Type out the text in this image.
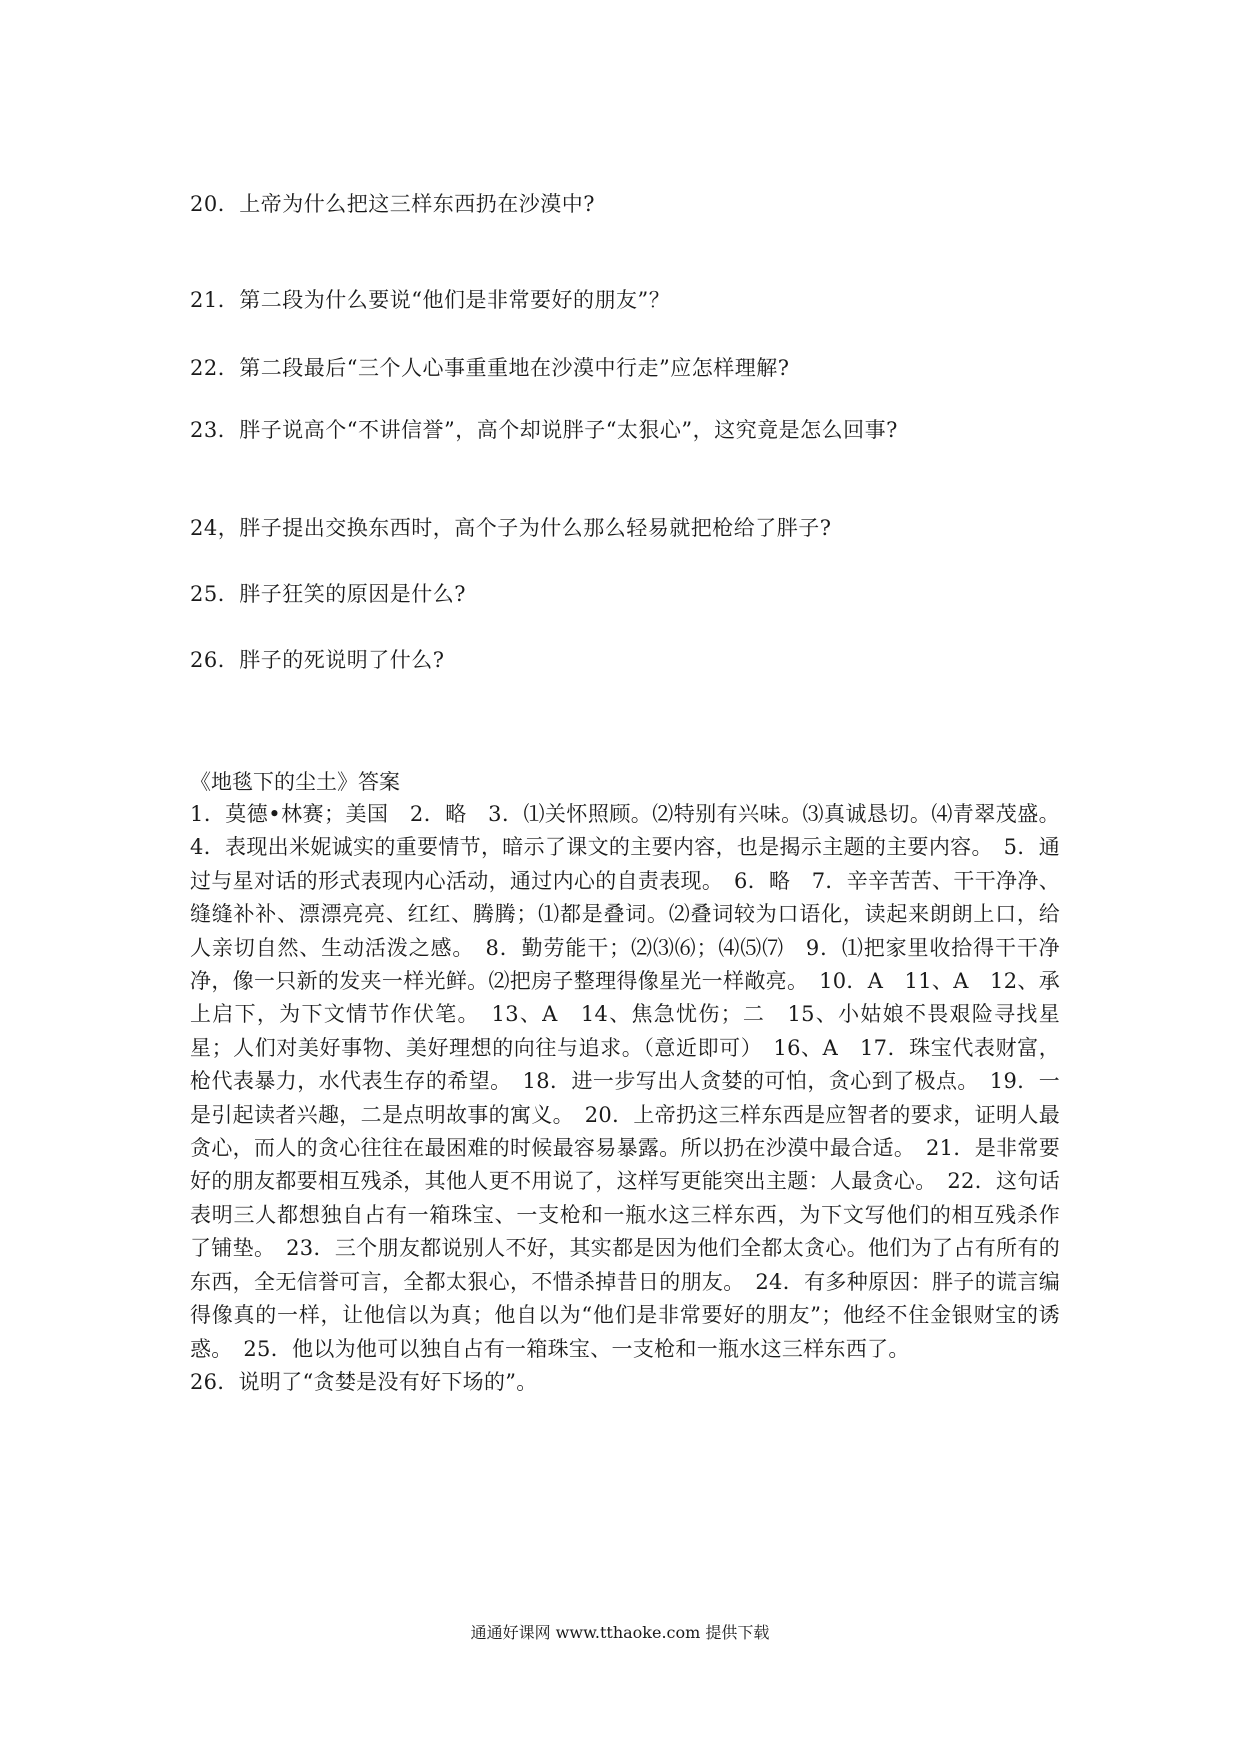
20．上帝为什么把这三样东西扔在沙漠中?
21．第二段为什么要说“他们是非常要好的朋友”？
22．第二段最后“三个人心事重重地在沙漠中行走”应怎样理解?
23．胖子说高个“不讲信誉”，高个却说胖子“太狠心”，这究竟是怎么回事?
24，胖子提出交换东西时，高个子为什么那么轻易就把枪给了胖子?
25．胖子狂笑的原因是什么?
26．胖子的死说明了什么?
《地毯下的尘土》答案
1．莫德•林赛；美国　2．略　3．⑴关怀照顾。⑵特别有兴味。⑶真诚恳切。⑷青翠茂盛。4．表现出米妮诚实的重要情节，暗示了课文的主要内容，也是揭示主题的主要内容。　5．通过与星对话的形式表现内心活动，通过内心的自责表现。　6．略　7．辛辛苦苦、干干净净、缝缝补补、漂漂亮亮、红红、腾腾；⑴都是叠词。⑵叠词较为口语化，读起来朗朗上口，给人亲切自然、生动活泼之感。　8．勤劳能干；⑵⑶⑹；⑷⑸⑺　9．⑴把家里收拾得干干净净，像一只新的发夹一样光鲜。⑵把房子整理得像星光一样敞亮。　10．A　11、A　12、承上启下，为下文情节作伏笔。　13、A　14、焦急忧伤；二　15、小姑娘不畏艰险寻找星星；人们对美好事物、美好理想的向往与追求。（意近即可）　16、A　17．珠宝代表财富，枪代表暴力，水代表生存的希望。　18．进一步写出人贪婪的可怕，贪心到了极点。　19．一是引起读者兴趣，二是点明故事的寓义。　20．上帝扔这三样东西是应智者的要求，证明人最贪心，而人的贪心往往在最困难的时候最容易暴露。所以扔在沙漠中最合适。　21．是非常要好的朋友都要相互残杀，其他人更不用说了，这样写更能突出主题：人最贪心。　22．这句话表明三人都想独自占有一箱珠宝、一支枪和一瓶水这三样东西，为下文写他们的相互残杀作了铺垫。　23．三个朋友都说别人不好，其实都是因为他们全都太贪心。他们为了占有所有的东西，全无信誉可言，全都太狠心，不惜杀掉昔日的朋友。　24．有多种原因：胖子的谎言编得像真的一样，让他信以为真；他自以为“他们是非常要好的朋友”；他经不住金银财宝的诱惑。　25．他以为他可以独自占有一箱珠宝、一支枪和一瓶水这三样东西了。
26．说明了“贪婪是没有好下场的”。
通通好课网 www.tthaoke.com 提供下载
